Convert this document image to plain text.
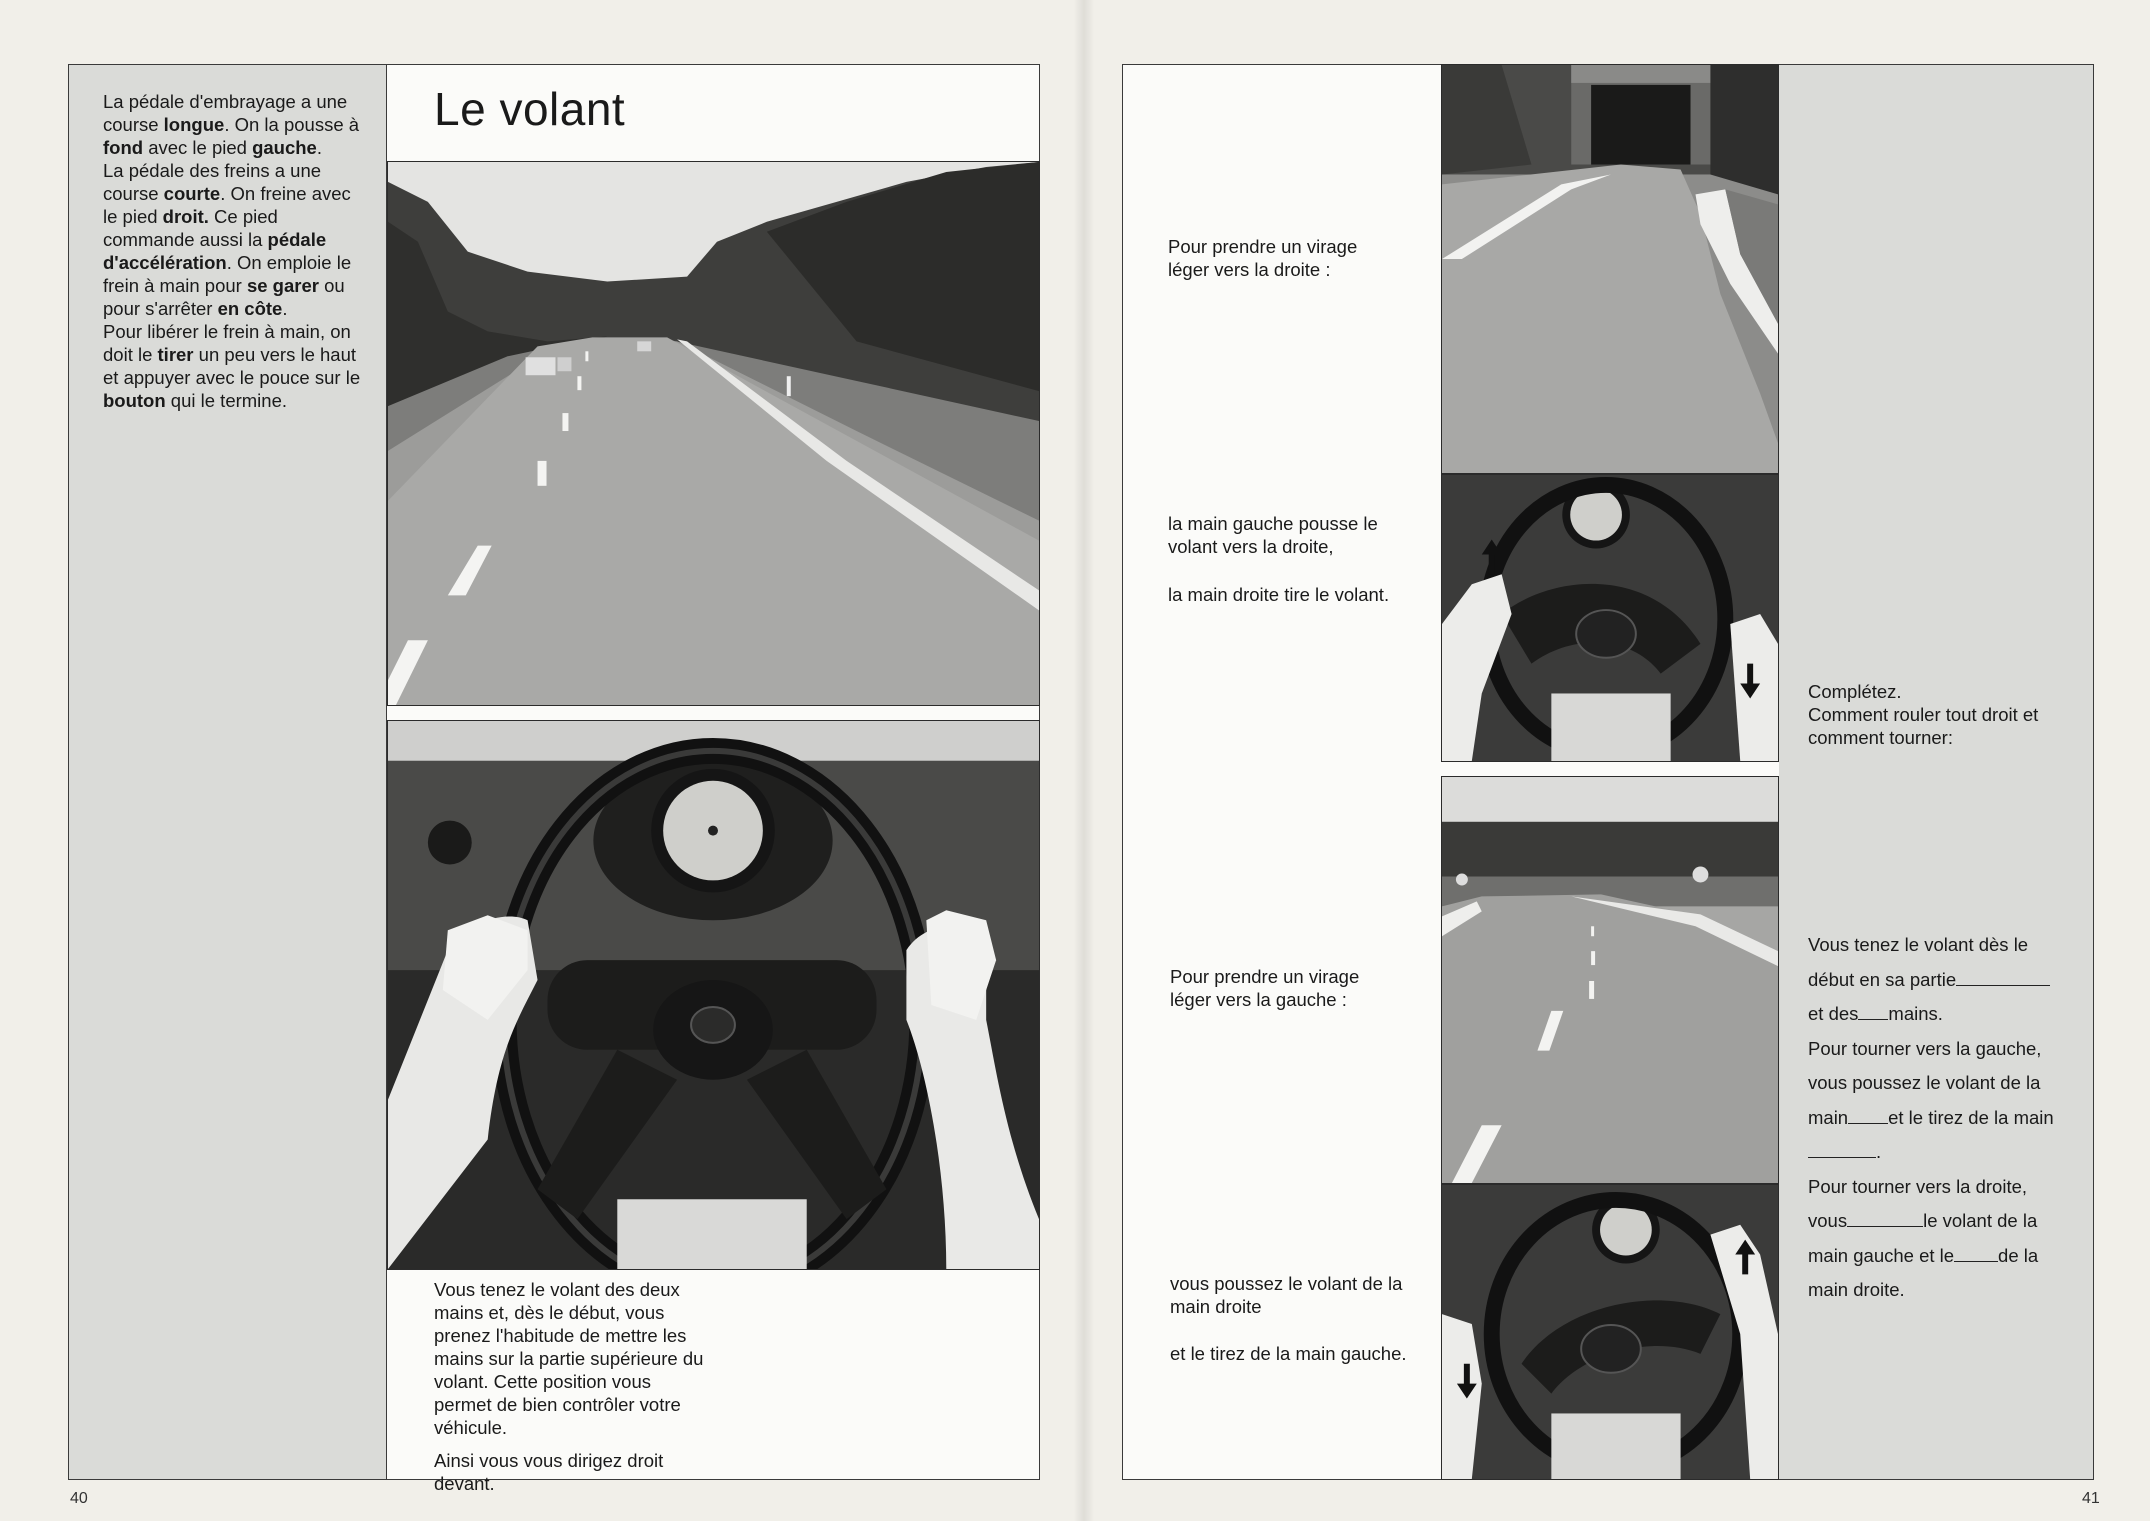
La pédale d'embrayage a une course longue. On la pousse à fond avec le pied gauche.
La pédale des freins a une course courte. On freine avec le pied droit. Ce pied commande aussi la pédale d'accélération. On emploie le frein à main pour se garer ou pour s'arrêter en côte.
Pour libérer le frein à main, on doit le tirer un peu vers le haut et appuyer avec le pouce sur le bouton qui le termine.
Le volant
Vous tenez le volant des deux mains et, dès le début, vous prenez l'habitude de mettre les mains sur la partie supérieure du volant. Cette position vous permet de bien contrôler votre véhicule.
Ainsi vous vous dirigez droit devant.
40
Pour prendre un virage léger vers la droite :
la main gauche pousse le volant vers la droite,
la main droite tire le volant.
Pour prendre un virage léger vers la gauche :
vous poussez le volant de la main droite
et le tirez de la main gauche.
Complétez.
Comment rouler tout droit et comment tourner:
Vous tenez le volant dès le
début en sa partie
et des mains.
Pour tourner vers la gauche,
vous poussez le volant de la
main et le tirez de la main
.
Pour tourner vers la droite,
vous	le volant de la
main gauche et le de la
main droite.
41
